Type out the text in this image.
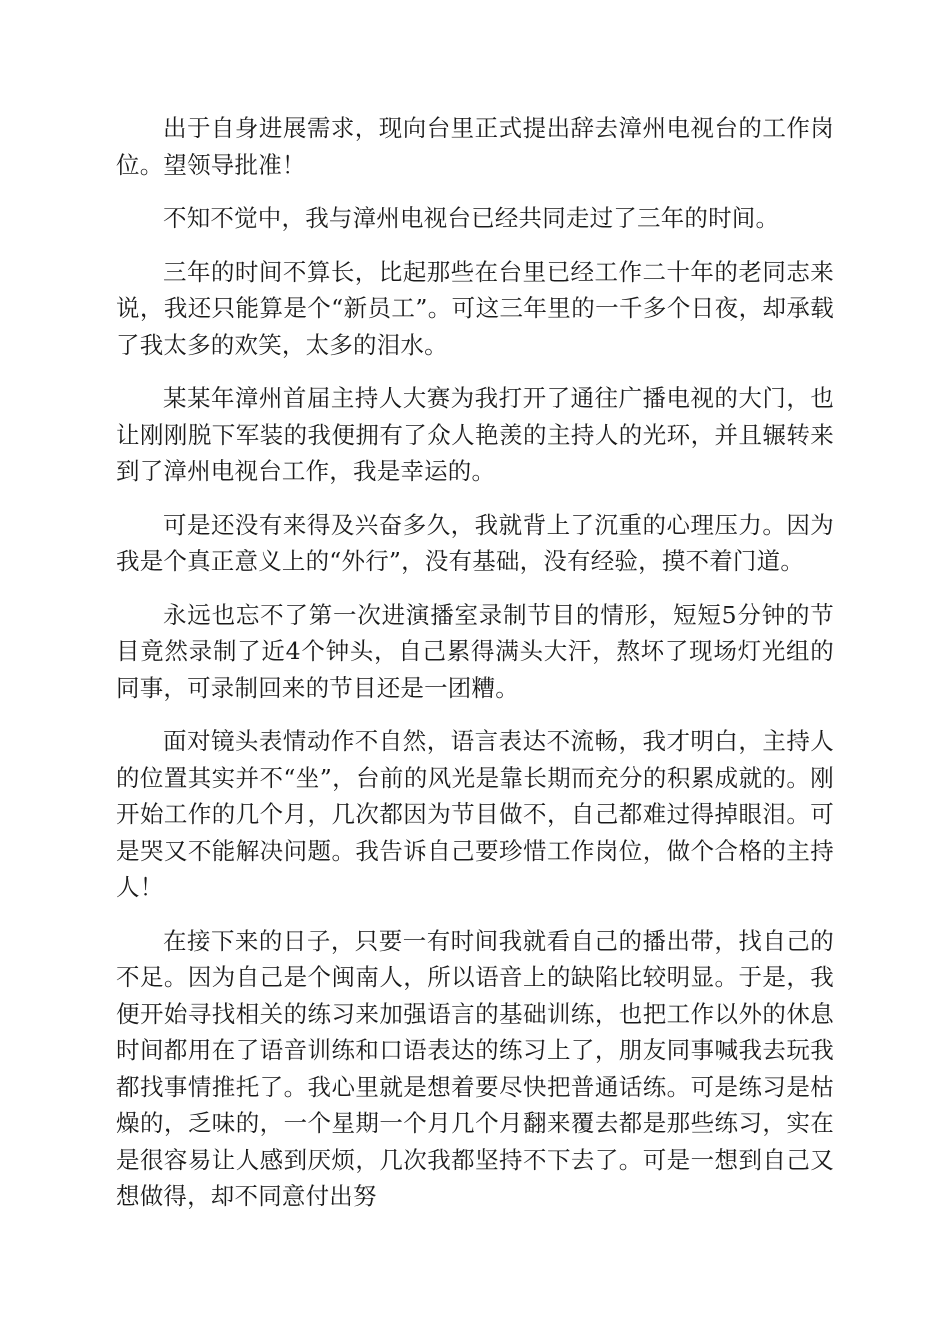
出于自身进展需求，现向台里正式提出辞去漳州电视台的工作岗位。望领导批准！

不知不觉中，我与漳州电视台已经共同走过了三年的时间。

三年的时间不算长，比起那些在台里已经工作二十年的老同志来说，我还只能算是个“新员工”。可这三年里的一千多个日夜，却承载了我太多的欢笑，太多的泪水。

某某年漳州首届主持人大赛为我打开了通往广播电视的大门，也让刚刚脱下军装的我便拥有了众人艳羡的主持人的光环，并且辗转来到了漳州电视台工作，我是幸运的。

可是还没有来得及兴奋多久，我就背上了沉重的心理压力。因为我是个真正意义上的“外行”，没有基础，没有经验，摸不着门道。

永远也忘不了第一次进演播室录制节目的情形，短短5分钟的节目竟然录制了近4个钟头，自己累得满头大汗，熬坏了现场灯光组的同事，可录制回来的节目还是一团糟。

面对镜头表情动作不自然，语言表达不流畅，我才明白，主持人的位置其实并不“坐”，台前的风光是靠长期而充分的积累成就的。刚开始工作的几个月，几次都因为节目做不，自己都难过得掉眼泪。可是哭又不能解决问题。我告诉自己要珍惜工作岗位，做个合格的主持人！

在接下来的日子，只要一有时间我就看自己的播出带，找自己的不足。因为自己是个闽南人，所以语音上的缺陷比较明显。于是，我便开始寻找相关的练习来加强语言的基础训练，也把工作以外的休息时间都用在了语音训练和口语表达的练习上了，朋友同事喊我去玩我都找事情推托了。我心里就是想着要尽快把普通话练。可是练习是枯燥的，乏味的，一个星期一个月几个月翻来覆去都是那些练习，实在是很容易让人感到厌烦，几次我都坚持不下去了。可是一想到自己又想做得，却不同意付出努
